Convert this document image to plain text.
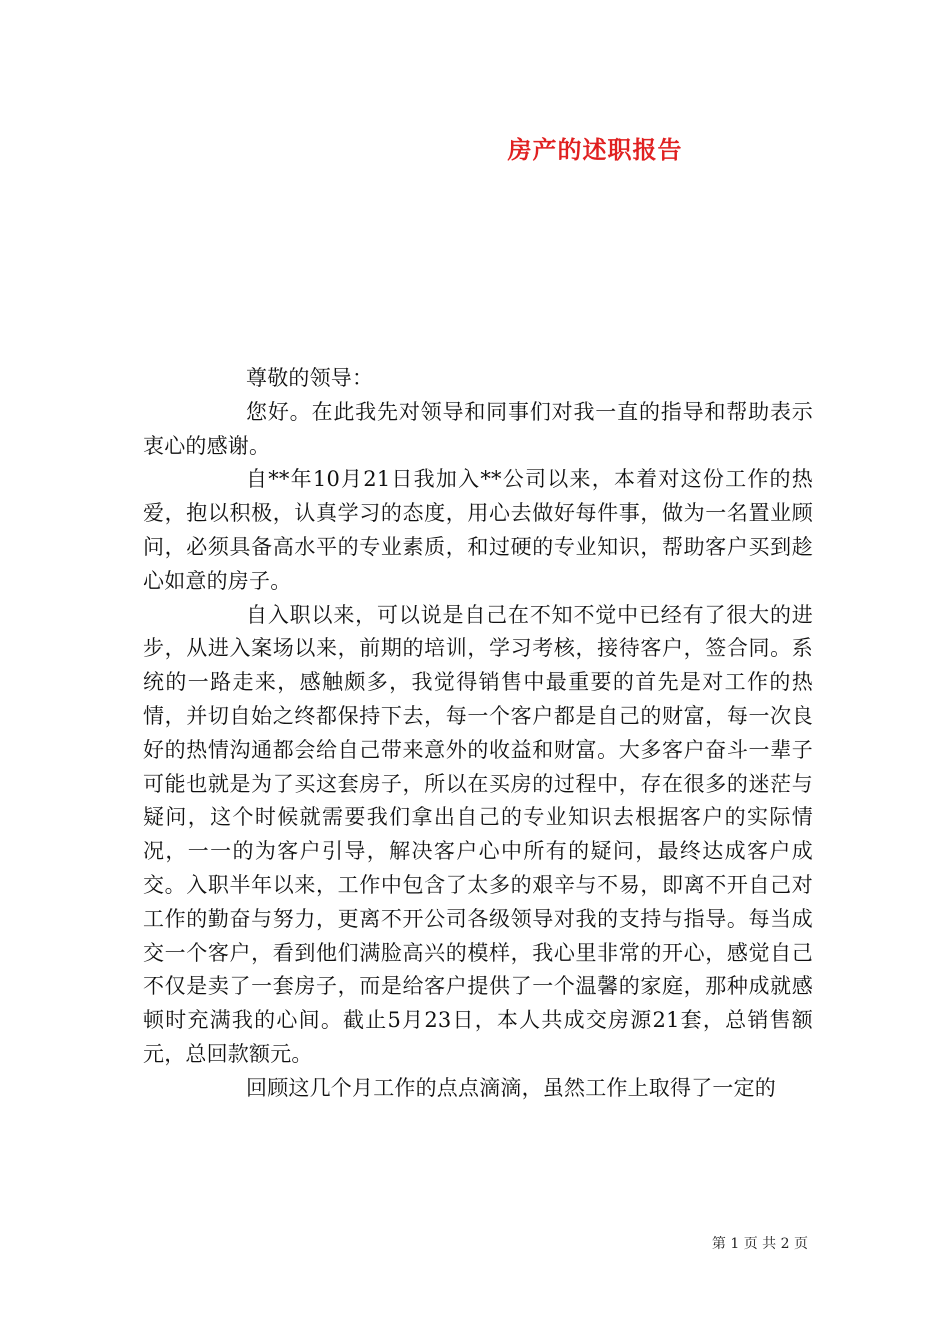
房产的述职报告

尊敬的领导：

您好。在此我先对领导和同事们对我一直的指导和帮助表示衷心的感谢。

自**年10月21日我加入**公司以来，本着对这份工作的热爱，抱以积极，认真学习的态度，用心去做好每件事，做为一名置业顾问，必须具备高水平的专业素质，和过硬的专业知识，帮助客户买到趁心如意的房子。

自入职以来，可以说是自己在不知不觉中已经有了很大的进步，从进入案场以来，前期的培训，学习考核，接待客户，签合同。系统的一路走来，感触颇多，我觉得销售中最重要的首先是对工作的热情，并切自始之终都保持下去，每一个客户都是自己的财富，每一次良好的热情沟通都会给自己带来意外的收益和财富。大多客户奋斗一辈子可能也就是为了买这套房子，所以在买房的过程中，存在很多的迷茫与疑问，这个时候就需要我们拿出自己的专业知识去根据客户的实际情况，一一的为客户引导，解决客户心中所有的疑问，最终达成客户成交。入职半年以来，工作中包含了太多的艰辛与不易，即离不开自己对工作的勤奋与努力，更离不开公司各级领导对我的支持与指导。每当成交一个客户，看到他们满脸高兴的模样，我心里非常的开心，感觉自己不仅是卖了一套房子，而是给客户提供了一个温馨的家庭，那种成就感顿时充满我的心间。截止5月23日，本人共成交房源21套，总销售额元，总回款额元。

回顾这几个月工作的点点滴滴，虽然工作上取得了一定的

第 1 页 共 2 页
